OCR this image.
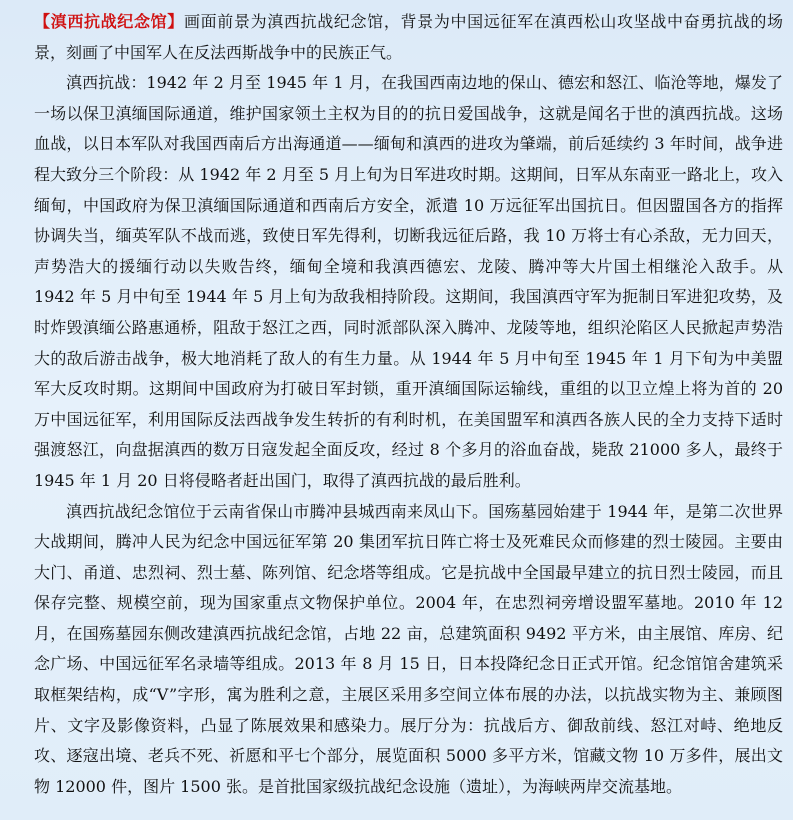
【滇西抗战纪念馆】画面前景为滇西抗战纪念馆，背景为中国远征军在滇西松山攻坚战中奋勇抗战的场景，刻画了中国军人在反法西斯战争中的民族正气。

滇西抗战：1942 年 2 月至 1945 年 1 月，在我国西南边地的保山、德宏和怒江、临沧等地，爆发了一场以保卫滇缅国际通道，维护国家领土主权为目的的抗日爱国战争，这就是闻名于世的滇西抗战。这场血战，以日本军队对我国西南后方出海通道——缅甸和滇西的进攻为肇端，前后延续约 3 年时间，战争进程大致分三个阶段：从 1942 年 2 月至 5 月上旬为日军进攻时期。这期间，日军从东南亚一路北上，攻入缅甸，中国政府为保卫滇缅国际通道和西南后方安全，派遣 10 万远征军出国抗日。但因盟国各方的指挥协调失当，缅英军队不战而逃，致使日军先得利，切断我远征后路，我 10 万将士有心杀敌，无力回天，声势浩大的援缅行动以失败告终，缅甸全境和我滇西德宏、龙陵、腾冲等大片国土相继沦入敌手。从 1942 年 5 月中旬至 1944 年 5 月上旬为敌我相持阶段。这期间，我国滇西守军为扼制日军进犯攻势，及时炸毁滇缅公路惠通桥，阻敌于怒江之西，同时派部队深入腾冲、龙陵等地，组织沦陷区人民掀起声势浩大的敌后游击战争，极大地消耗了敌人的有生力量。从 1944 年 5 月中旬至 1945 年 1 月下旬为中美盟军大反攻时期。这期间中国政府为打破日军封锁，重开滇缅国际运输线，重组的以卫立煌上将为首的 20 万中国远征军，利用国际反法西战争发生转折的有利时机，在美国盟军和滇西各族人民的全力支持下适时强渡怒江，向盘据滇西的数万日寇发起全面反攻，经过 8 个多月的浴血奋战，毙敌 21000 多人，最终于 1945 年 1 月 20 日将侵略者赶出国门，取得了滇西抗战的最后胜利。

滇西抗战纪念馆位于云南省保山市腾冲县城西南来凤山下。国殇墓园始建于 1944 年，是第二次世界大战期间，腾冲人民为纪念中国远征军第 20 集团军抗日阵亡将士及死难民众而修建的烈士陵园。主要由大门、甬道、忠烈祠、烈士墓、陈列馆、纪念塔等组成。它是抗战中全国最早建立的抗日烈士陵园，而且保存完整、规模空前，现为国家重点文物保护单位。2004 年，在忠烈祠旁增设盟军墓地。2010 年 12 月，在国殇墓园东侧改建滇西抗战纪念馆，占地 22 亩，总建筑面积 9492 平方米，由主展馆、库房、纪念广场、中国远征军名录墙等组成。2013 年 8 月 15 日，日本投降纪念日正式开馆。纪念馆馆舍建筑采取框架结构，成“V”字形，寓为胜利之意，主展区采用多空间立体布展的办法，以抗战实物为主、兼顾图片、文字及影像资料，凸显了陈展效果和感染力。展厅分为：抗战后方、御敌前线、怒江对峙、绝地反攻、逐寇出境、老兵不死、祈愿和平七个部分，展览面积 5000 多平方米，馆藏文物 10 万多件，展出文物 12000 件，图片 1500 张。是首批国家级抗战纪念设施（遗址），为海峡两岸交流基地。
